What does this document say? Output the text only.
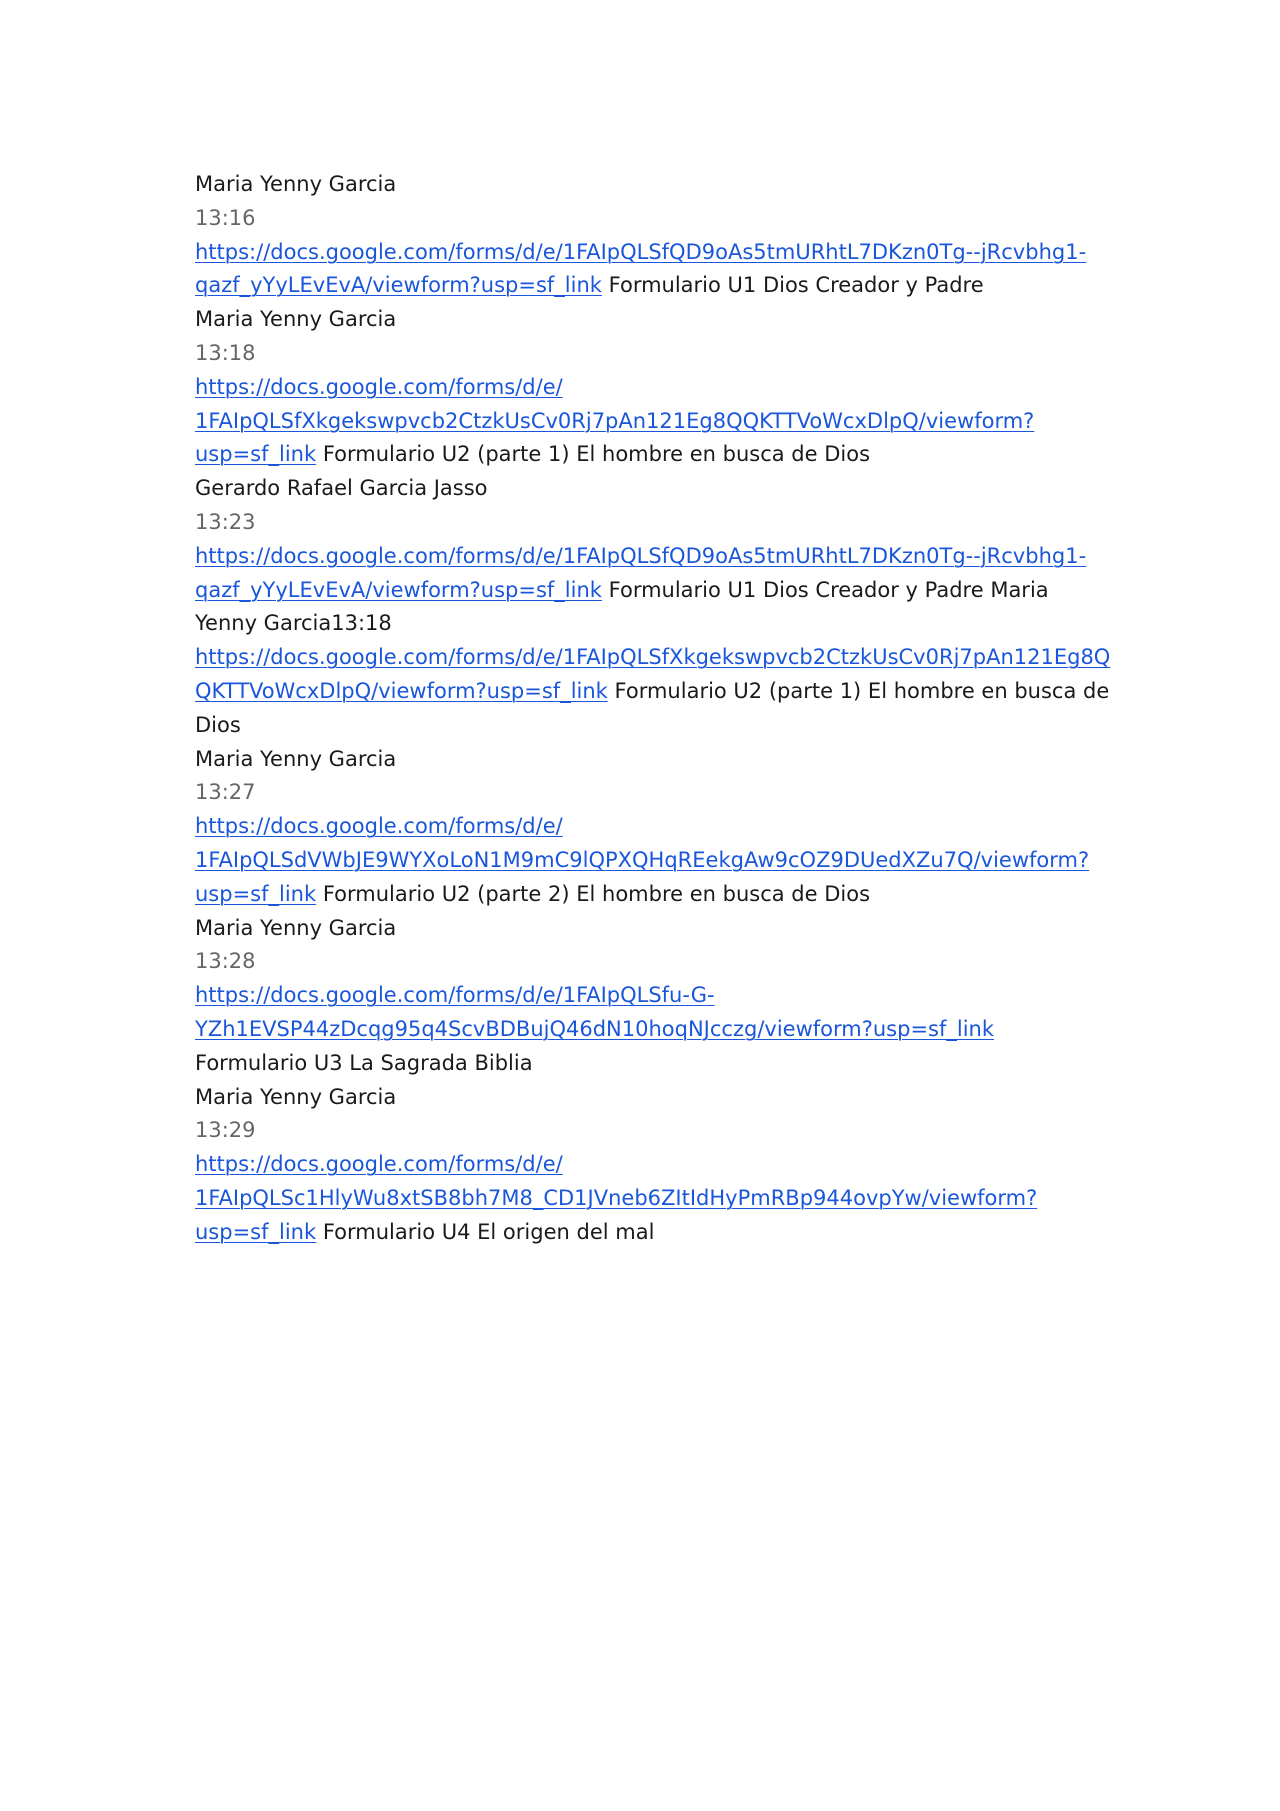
Maria Yenny Garcia
13:16
https://docs.google.com/forms/d/e/1FAIpQLSfQD9oAs5tmURhtL7DKzn0Tg--jRcvbhg1-
qazf_yYyLEvEvA/viewform?usp=sf_link Formulario U1 Dios Creador y Padre
Maria Yenny Garcia
13:18
https://docs.google.com/forms/d/e/
1FAIpQLSfXkgekswpvcb2CtzkUsCv0Rj7pAn121Eg8QQKTTVoWcxDlpQ/viewform?
usp=sf_link Formulario U2 (parte 1) El hombre en busca de Dios
Gerardo Rafael Garcia Jasso
13:23
https://docs.google.com/forms/d/e/1FAIpQLSfQD9oAs5tmURhtL7DKzn0Tg--jRcvbhg1-
qazf_yYyLEvEvA/viewform?usp=sf_link Formulario U1 Dios Creador y Padre Maria
Yenny Garcia13:18
https://docs.google.com/forms/d/e/1FAIpQLSfXkgekswpvcb2CtzkUsCv0Rj7pAn121Eg8Q
QKTTVoWcxDlpQ/viewform?usp=sf_link Formulario U2 (parte 1) El hombre en busca de
Dios
Maria Yenny Garcia
13:27
https://docs.google.com/forms/d/e/
1FAIpQLSdVWbJE9WYXoLoN1M9mC9lQPXQHqREekgAw9cOZ9DUedXZu7Q/viewform?
usp=sf_link Formulario U2 (parte 2) El hombre en busca de Dios
Maria Yenny Garcia
13:28
https://docs.google.com/forms/d/e/1FAIpQLSfu-G-
YZh1EVSP44zDcqg95q4ScvBDBujQ46dN10hoqNJcczg/viewform?usp=sf_link
Formulario U3 La Sagrada Biblia
Maria Yenny Garcia
13:29
https://docs.google.com/forms/d/e/
1FAIpQLSc1HlyWu8xtSB8bh7M8_CD1JVneb6ZItIdHyPmRBp944ovpYw/viewform?
usp=sf_link Formulario U4 El origen del mal
